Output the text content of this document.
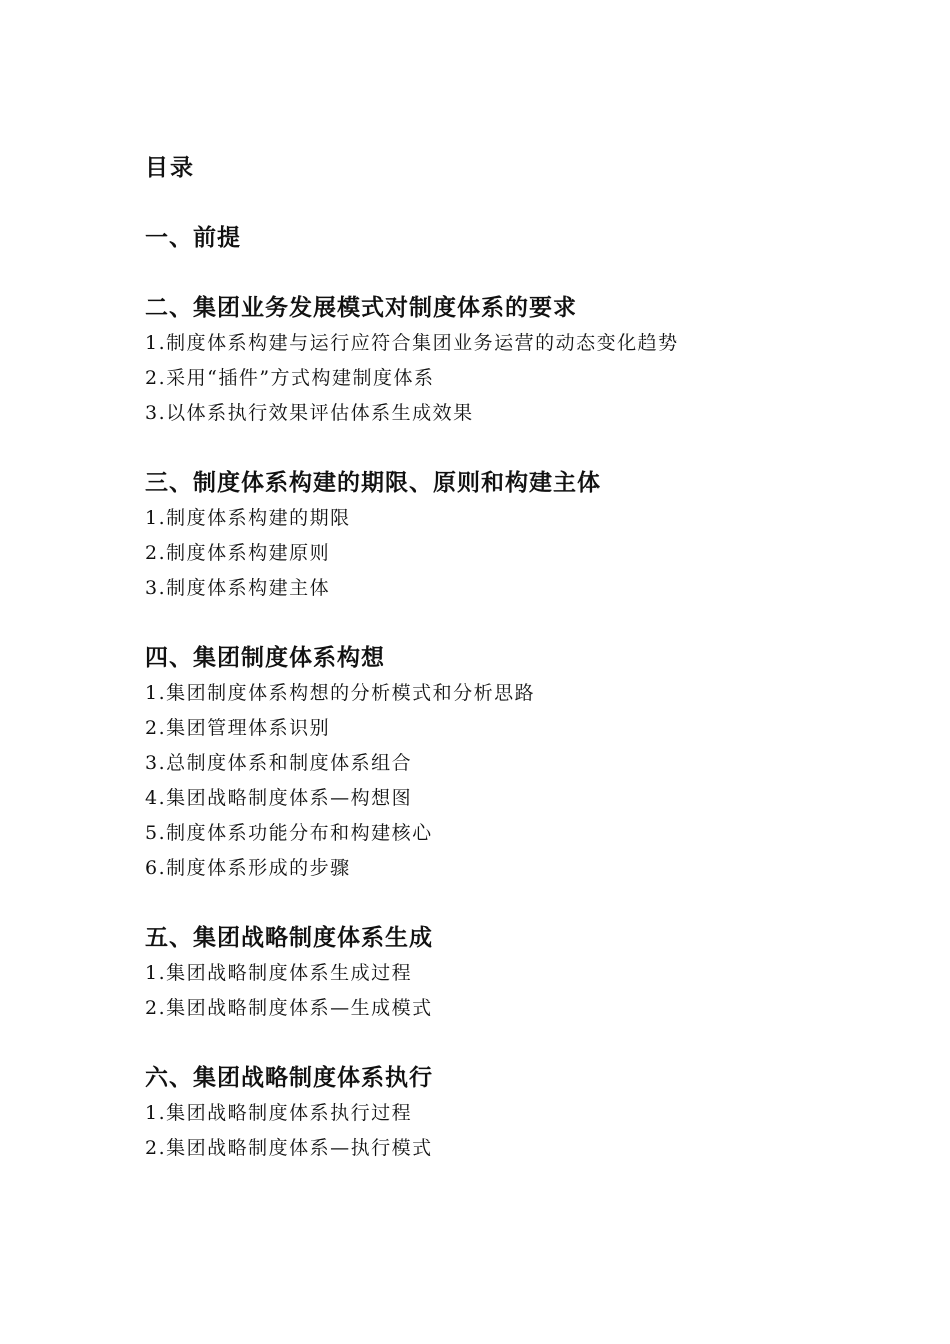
目录
一、前提
二、集团业务发展模式对制度体系的要求
1.制度体系构建与运行应符合集团业务运营的动态变化趋势
2.采用“插件”方式构建制度体系
3.以体系执行效果评估体系生成效果
三、制度体系构建的期限、原则和构建主体
1.制度体系构建的期限
2.制度体系构建原则
3.制度体系构建主体
四、集团制度体系构想
1.集团制度体系构想的分析模式和分析思路
2.集团管理体系识别
3.总制度体系和制度体系组合
4.集团战略制度体系—构想图
5.制度体系功能分布和构建核心
6.制度体系形成的步骤
五、集团战略制度体系生成
1.集团战略制度体系生成过程
2.集团战略制度体系—生成模式
六、集团战略制度体系执行
1.集团战略制度体系执行过程
2.集团战略制度体系—执行模式
